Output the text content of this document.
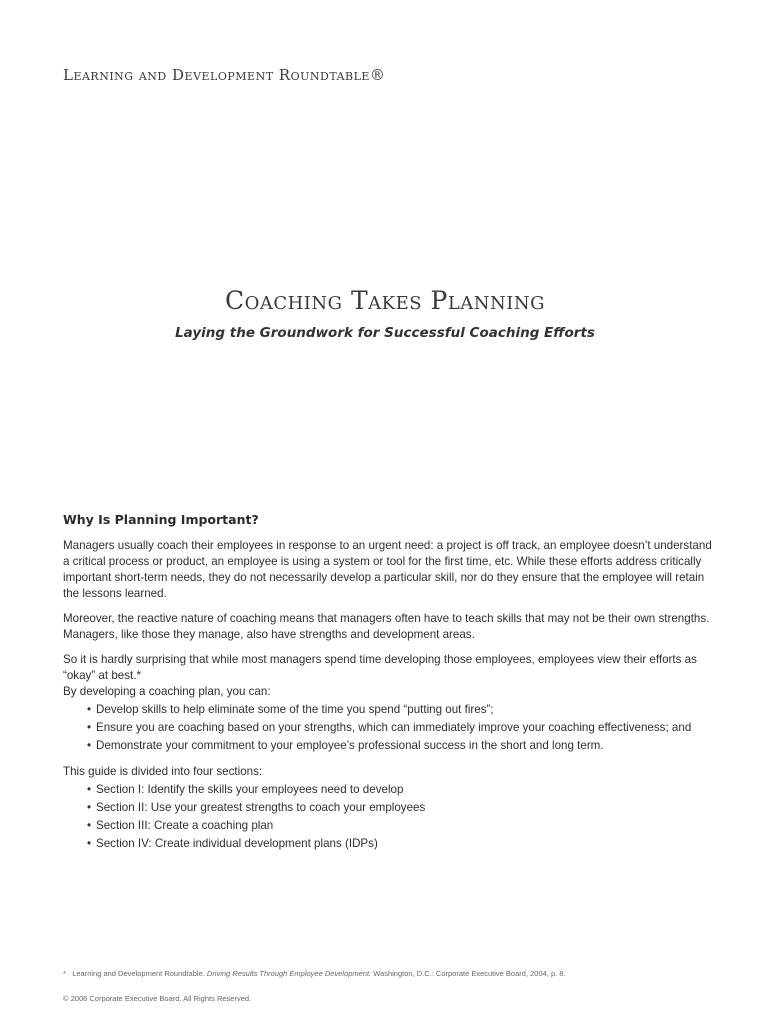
Learning and Development Roundtable®
Coaching Takes Planning
Laying the Groundwork for Successful Coaching Efforts
Why Is Planning Important?

Managers usually coach their employees in response to an urgent need: a project is off track, an employee doesn’t understand a critical process or product, an employee is using a system or tool for the first time, etc. While these efforts address critically important short-term needs, they do not necessarily develop a particular skill, nor do they ensure that the employee will retain the lessons learned.

Moreover, the reactive nature of coaching means that managers often have to teach skills that may not be their own strengths. Managers, like those they manage, also have strengths and development areas.

So it is hardly surprising that while most managers spend time developing those employees, employees view their efforts as “okay” at best.*
By developing a coaching plan, you can:
• Develop skills to help eliminate some of the time you spend “putting out fires”;
• Ensure you are coaching based on your strengths, which can immediately improve your coaching effectiveness; and
• Demonstrate your commitment to your employee’s professional success in the short and long term.

This guide is divided into four sections:

• Section I: Identify the skills your employees need to develop
• Section II: Use your greatest strengths to coach your employees
• Section III: Create a coaching plan
• Section IV: Create individual development plans (IDPs)
* Learning and Development Roundtable. Driving Results Through Employee Development. Washington, D.C.: Corporate Executive Board, 2004, p. 8.
© 2006 Corporate Executive Board. All Rights Reserved.
